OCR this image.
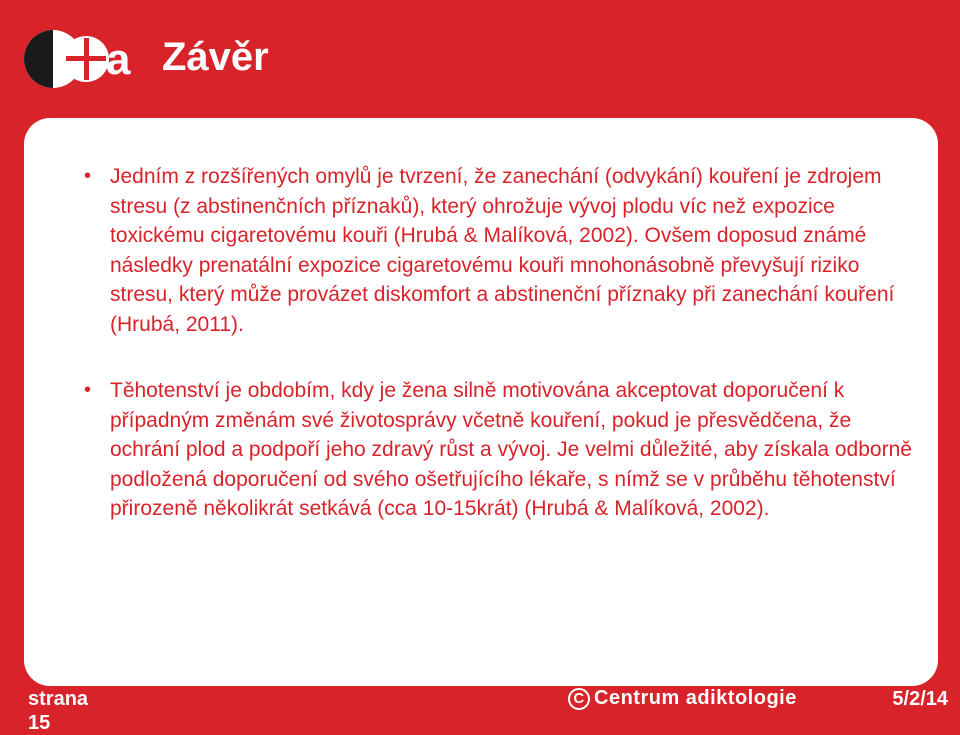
a Závěr
• Jedním z rozšířených omylů je tvrzení, že zanechání (odvykání) kouření je zdrojem stresu (z abstinenčních příznaků), který ohrožuje vývoj plodu víc než expozice toxickému cigaretovému kouři (Hrubá & Malíková, 2002). Ovšem doposud známé následky prenatální expozice cigaretovému kouři mnohonásobně převyšují riziko stresu, který může provázet diskomfort a abstinenční příznaky při zanechání kouření (Hrubá, 2011).
• Těhotenství je obdobím, kdy je žena silně motivována akceptovat doporučení k případným změnám své životosprávy včetně kouření, pokud je přesvědčena, že ochrání plod a podpoří jeho zdravý růst a vývoj. Je velmi důležité, aby získala odborně podložená doporučení od svého ošetřujícího lékaře, s nímž se v průběhu těhotenství přirozeně několikrát setkává (cca 10-15krát) (Hrubá & Malíková, 2002).
strana
15
C Centrum adiktologie	5/2/14
